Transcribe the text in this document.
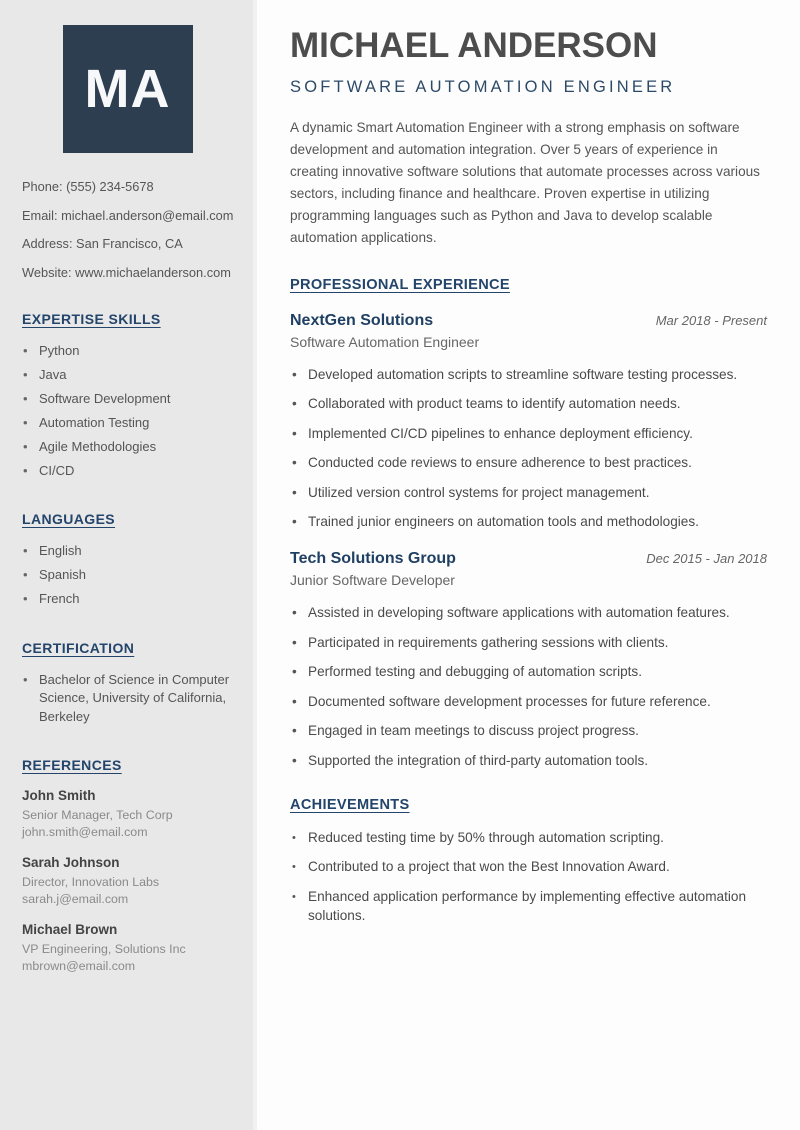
MA
Phone: (555) 234-5678
Email: michael.anderson@email.com
Address: San Francisco, CA
Website: www.michaelanderson.com
EXPERTISE SKILLS
• Python
• Java
• Software Development
• Automation Testing
• Agile Methodologies
• CI/CD
LANGUAGES
• English
• Spanish
• French
CERTIFICATION
• Bachelor of Science in Computer Science, University of California, Berkeley
REFERENCES
John Smith
Senior Manager, Tech Corp
john.smith@email.com
Sarah Johnson
Director, Innovation Labs
sarah.j@email.com
Michael Brown
VP Engineering, Solutions Inc
mbrown@email.com
MICHAEL ANDERSON
SOFTWARE AUTOMATION ENGINEER

A dynamic Smart Automation Engineer with a strong emphasis on software development and automation integration. Over 5 years of experience in creating innovative software solutions that automate processes across various sectors, including finance and healthcare. Proven expertise in utilizing programming languages such as Python and Java to develop scalable automation applications.

PROFESSIONAL EXPERIENCE
NextGen Solutions	Mar 2018 - Present
Software Automation Engineer
• Developed automation scripts to streamline software testing processes.
• Collaborated with product teams to identify automation needs.
• Implemented CI/CD pipelines to enhance deployment efficiency.
• Conducted code reviews to ensure adherence to best practices.
• Utilized version control systems for project management.
• Trained junior engineers on automation tools and methodologies.
Tech Solutions Group	Dec 2015 - Jan 2018
Junior Software Developer
• Assisted in developing software applications with automation features.
• Participated in requirements gathering sessions with clients.
• Performed testing and debugging of automation scripts.
• Documented software development processes for future reference.
• Engaged in team meetings to discuss project progress.
• Supported the integration of third-party automation tools.
ACHIEVEMENTS
• Reduced testing time by 50% through automation scripting.
• Contributed to a project that won the Best Innovation Award.
• Enhanced application performance by implementing effective automation solutions.
